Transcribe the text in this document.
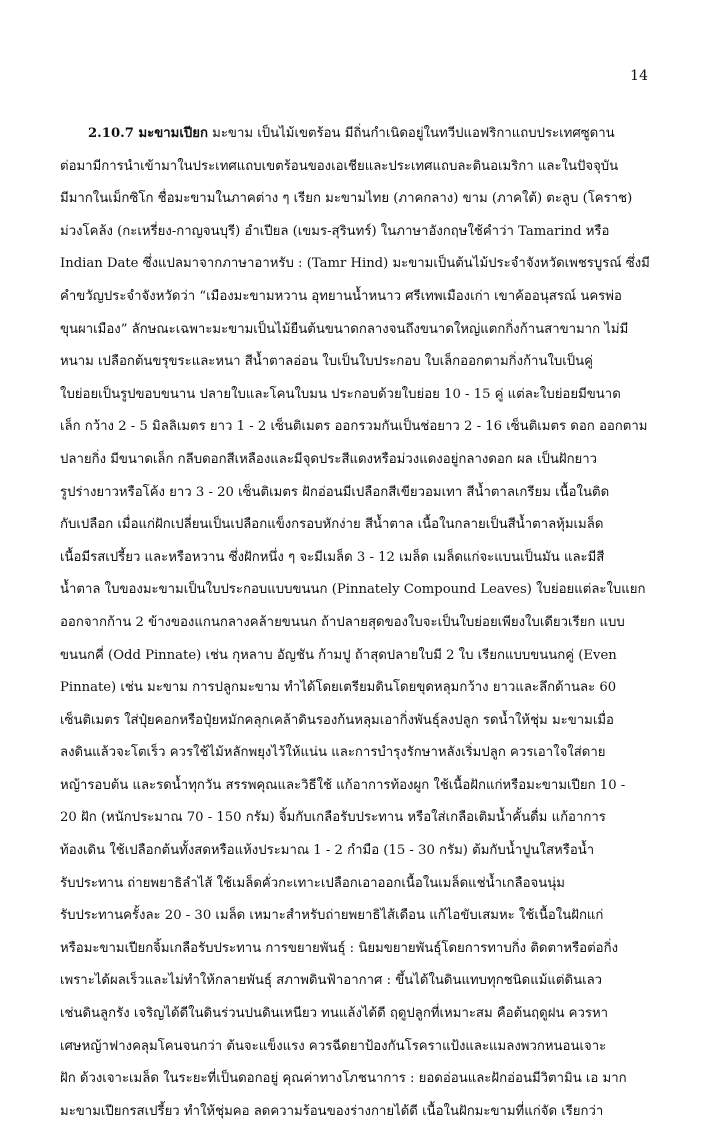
14

2.10.7 มะขามเปียก มะขาม เป็นไม้เขตร้อน มีถิ่นกำเนิดอยู่ในทวีปแอฟริกาแถบประเทศซูดาน
ต่อมามีการนำเข้ามาในประเทศแถบเขตร้อนของเอเชียและประเทศแถบละตินอเมริกา และในปัจจุบัน
มีมากในเม็กซิโก ชื่อมะขามในภาคต่าง ๆ เรียก มะขามไทย (ภาคกลาง) ขาม (ภาคใต้) ตะลูบ (โคราช)
ม่วงโคล้ง (กะเหรี่ยง-กาญจนบุรี) อำเปียล (เขมร-สุรินทร์) ในภาษาอังกฤษใช้คำว่า Tamarind หรือ
Indian Date ซึ่งแปลมาจากภาษาอาหรับ : (Tamr Hind) มะขามเป็นต้นไม้ประจำจังหวัดเพชรบูรณ์ ซึ่งมี
คำขวัญประจำจังหวัดว่า “เมืองมะขามหวาน อุทยานน้ำหนาว ศรีเทพเมืองเก่า เขาค้ออนุสรณ์ นครพ่อ
ขุนผาเมือง” ลักษณะเฉพาะมะขามเป็นไม้ยืนต้นขนาดกลางจนถึงขนาดใหญ่แตกกิ่งก้านสาขามาก ไม่มี
หนาม เปลือกต้นขรุขระและหนา สีน้ำตาลอ่อน ใบเป็นใบประกอบ ใบเล็กออกตามกิ่งก้านใบเป็นคู่
ใบย่อยเป็นรูปขอบขนาน ปลายใบและโคนใบมน ประกอบด้วยใบย่อย 10 - 15 คู่ แต่ละใบย่อยมีขนาด
เล็ก กว้าง 2 - 5 มิลลิเมตร ยาว 1 - 2 เซ็นติเมตร ออกรวมกันเป็นช่อยาว 2 - 16 เซ็นติเมตร ดอก ออกตาม
ปลายกิ่ง มีขนาดเล็ก กลีบดอกสีเหลืองและมีจุดประสีแดงหรือม่วงแดงอยู่กลางดอก ผล เป็นฝักยาว
รูปร่างยาวหรือโค้ง ยาว 3 - 20 เซ็นติเมตร ฝักอ่อนมีเปลือกสีเขียวอมเทา สีน้ำตาลเกรียม เนื้อในติด
กับเปลือก เมื่อแก่ฝักเปลี่ยนเป็นเปลือกแข็งกรอบหักง่าย สีน้ำตาล เนื้อในกลายเป็นสีน้ำตาลหุ้มเมล็ด
เนื้อมีรสเปรี้ยว และหรือหวาน ซึ่งฝักหนึ่ง ๆ จะมีเมล็ด 3 - 12 เมล็ด เมล็ดแก่จะแบนเป็นมัน และมีสี
น้ำตาล ใบของมะขามเป็นใบประกอบแบบขนนก (Pinnately Compound Leaves) ใบย่อยแต่ละใบแยก
ออกจากก้าน 2 ข้างของแกนกลางคล้ายขนนก ถ้าปลายสุดของใบจะเป็นใบย่อยเพียงใบเดียวเรียก แบบ
ขนนกคี่ (Odd Pinnate) เช่น กุหลาบ อัญชัน ก้ามปู ถ้าสุดปลายใบมี 2 ใบ เรียกแบบขนนกคู่ (Even
Pinnate) เช่น มะขาม การปลูกมะขาม ทำได้โดยเตรียมดินโดยขุดหลุมกว้าง ยาวและลึกด้านละ 60
เซ็นติเมตร ใส่ปุ๋ยคอกหรือปุ๋ยหมักคลุกเคล้าดินรองก้นหลุมเอากิ่งพันธุ์ลงปลูก รดน้ำให้ชุ่ม มะขามเมื่อ
ลงดินแล้วจะโตเร็ว ควรใช้ไม้หลักพยุงไว้ให้แน่น และการบำรุงรักษาหลังเริ่มปลูก ควรเอาใจใส่ดาย
หญ้ารอบต้น และรดน้ำทุกวัน สรรพคุณและวิธีใช้ แก้อาการท้องผูก ใช้เนื้อฝักแก่หรือมะขามเปียก 10 -
20 ฝัก (หนักประมาณ 70 - 150 กรัม) จิ้มกับเกลือรับประทาน หรือใส่เกลือเติมน้ำคั้นดื่ม แก้อาการ
ท้องเดิน ใช้เปลือกต้นทั้งสดหรือแห้งประมาณ 1 - 2 กำมือ (15 - 30 กรัม) ต้มกับน้ำปูนใสหรือน้ำ
รับประทาน ถ่ายพยาธิลำไส้ ใช้เมล็ดคั่วกะเทาะเปลือกเอาออกเนื้อในเมล็ดแช่น้ำเกลือจนนุ่ม
รับประทานครั้งละ 20 - 30 เมล็ด เหมาะสำหรับถ่ายพยาธิไส้เดือน แก้ไอขับเสมหะ ใช้เนื้อในฝักแก่
หรือมะขามเปียกจิ้มเกลือรับประทาน การขยายพันธุ์ : นิยมขยายพันธุ์โดยการทาบกิ่ง ติดตาหรือต่อกิ่ง
เพราะได้ผลเร็วและไม่ทำให้กลายพันธุ์ สภาพดินฟ้าอากาศ : ขึ้นได้ในดินแทบทุกชนิดแม้แต่ดินเลว
เช่นดินลูกรัง เจริญได้ดีในดินร่วนปนดินเหนียว ทนแล้งได้ดี ฤดูปลูกที่เหมาะสม คือต้นฤดูฝน ควรหา
เศษหญ้าฟางคลุมโคนจนกว่า ต้นจะแข็งแรง ควรฉีดยาป้องกันโรคราแป้งและแมลงพวกหนอนเจาะ
ฝัก ด้วงเจาะเมล็ด ในระยะที่เป็นดอกอยู่ คุณค่าทางโภชนาการ : ยอดอ่อนและฝักอ่อนมีวิตามิน เอ มาก
มะขามเปียกรสเปรี้ยว ทำให้ชุ่มคอ ลดความร้อนของร่างกายได้ดี เนื้อในฝักมะขามที่แก่จัด เรียกว่า
